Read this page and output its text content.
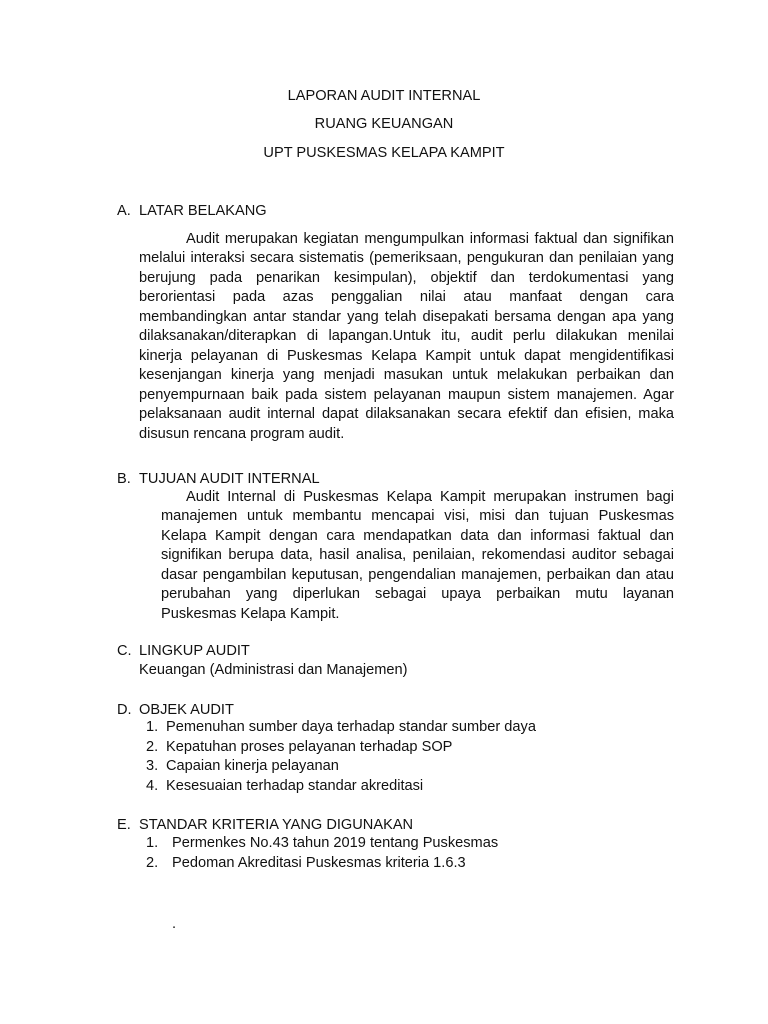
LAPORAN AUDIT INTERNAL
RUANG KEUANGAN
UPT PUSKESMAS KELAPA KAMPIT
A. LATAR BELAKANG
Audit merupakan kegiatan mengumpulkan informasi faktual dan signifikan melalui interaksi secara sistematis (pemeriksaan, pengukuran dan penilaian yang berujung pada penarikan kesimpulan), objektif dan terdokumentasi yang berorientasi pada azas penggalian nilai atau manfaat dengan cara membandingkan antar standar yang telah disepakati bersama dengan apa yang dilaksanakan/diterapkan di lapangan.Untuk itu, audit perlu dilakukan menilai kinerja pelayanan di Puskesmas Kelapa Kampit untuk dapat mengidentifikasi kesenjangan kinerja yang menjadi masukan untuk melakukan perbaikan dan penyempurnaan baik pada sistem pelayanan maupun sistem manajemen. Agar pelaksanaan audit internal dapat dilaksanakan secara efektif dan efisien, maka disusun rencana program audit.
B. TUJUAN AUDIT INTERNAL
Audit Internal di Puskesmas Kelapa Kampit merupakan instrumen bagi manajemen untuk membantu mencapai visi, misi dan tujuan Puskesmas Kelapa Kampit dengan cara mendapatkan data dan informasi faktual dan signifikan berupa data, hasil analisa, penilaian, rekomendasi auditor sebagai dasar pengambilan keputusan, pengendalian manajemen, perbaikan dan atau perubahan yang diperlukan sebagai upaya perbaikan mutu layanan Puskesmas Kelapa Kampit.
C. LINGKUP AUDIT
Keuangan (Administrasi dan Manajemen)
D. OBJEK AUDIT
1. Pemenuhan sumber daya terhadap standar sumber daya
2. Kepatuhan proses pelayanan terhadap SOP
3. Capaian kinerja pelayanan
4. Kesesuaian terhadap standar akreditasi
E. STANDAR KRITERIA YANG DIGUNAKAN
1. Permenkes No.43 tahun 2019 tentang Puskesmas
2. Pedoman Akreditasi Puskesmas kriteria 1.6.3
.
